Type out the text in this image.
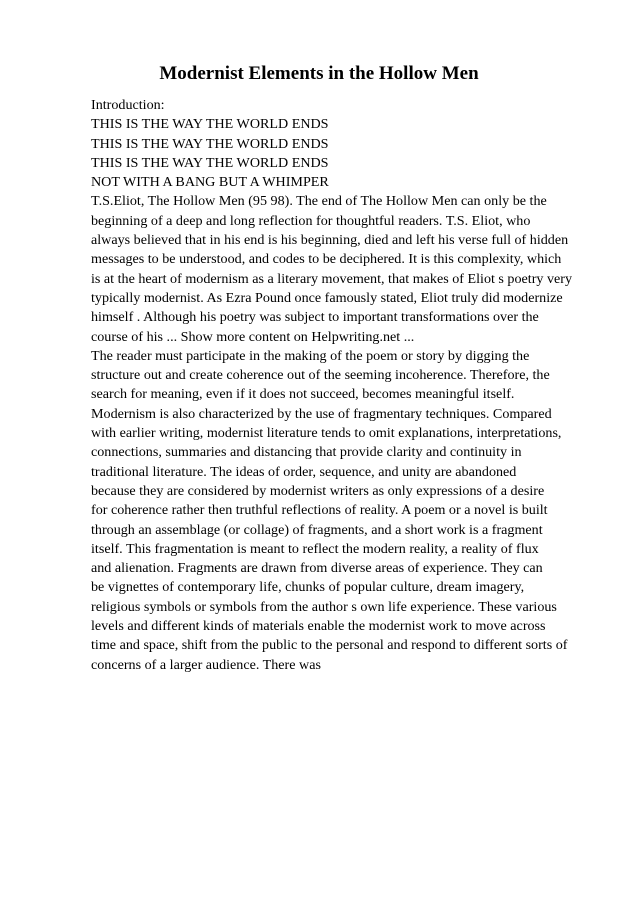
Modernist Elements in the Hollow Men
Introduction:
THIS IS THE WAY THE WORLD ENDS
THIS IS THE WAY THE WORLD ENDS
THIS IS THE WAY THE WORLD ENDS
NOT WITH A BANG BUT A WHIMPER
T.S.Eliot, The Hollow Men (95 98). The end of The Hollow Men can only be the
beginning of a deep and long reflection for thoughtful readers. T.S. Eliot, who
always believed that in his end is his beginning, died and left his verse full of hidden
messages to be understood, and codes to be deciphered. It is this complexity, which
is at the heart of modernism as a literary movement, that makes of Eliot s poetry very
typically modernist. As Ezra Pound once famously stated, Eliot truly did modernize
himself . Although his poetry was subject to important transformations over the
course of his ... Show more content on Helpwriting.net ...
The reader must participate in the making of the poem or story by digging the
structure out and create coherence out of the seeming incoherence. Therefore, the
search for meaning, even if it does not succeed, becomes meaningful itself.
Modernism is also characterized by the use of fragmentary techniques. Compared
with earlier writing, modernist literature tends to omit explanations, interpretations,
connections, summaries and distancing that provide clarity and continuity in
traditional literature. The ideas of order, sequence, and unity are abandoned
because they are considered by modernist writers as only expressions of a desire
for coherence rather then truthful reflections of reality. A poem or a novel is built
through an assemblage (or collage) of fragments, and a short work is a fragment
itself. This fragmentation is meant to reflect the modern reality, a reality of flux
and alienation. Fragments are drawn from diverse areas of experience. They can
be vignettes of contemporary life, chunks of popular culture, dream imagery,
religious symbols or symbols from the author s own life experience. These various
levels and different kinds of materials enable the modernist work to move across
time and space, shift from the public to the personal and respond to different sorts of
concerns of a larger audience. There was
